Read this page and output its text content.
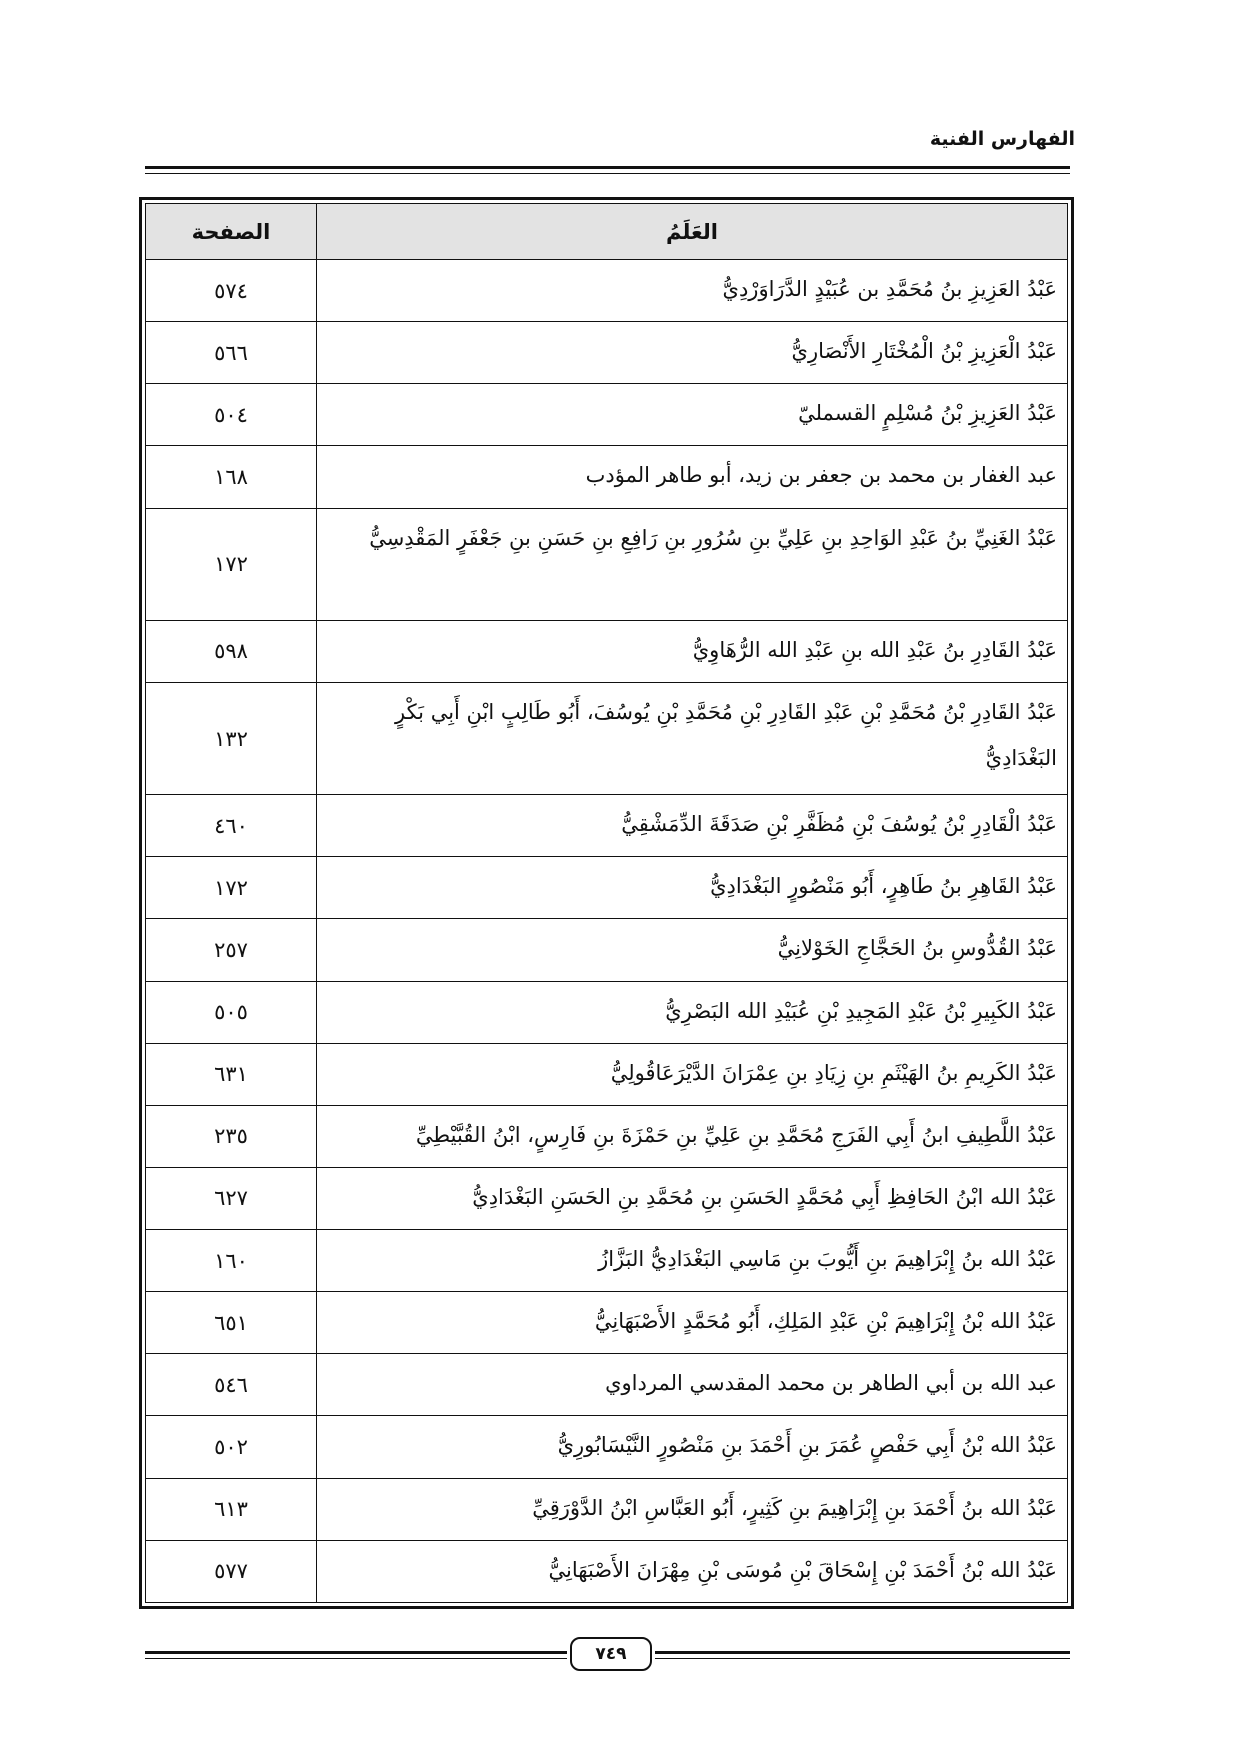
الفهارس الفنية
العَلَمُ	الصفحة
عَبْدُ العَزِيزِ بنُ مُحَمَّدِ بن عُبَيْدٍ الدَّرَاوَرْدِيُّ	٥٧٤
عَبْدُ الْعَزِيزِ بْنُ الْمُخْتَارِ الأَنْصَارِيُّ	٥٦٦
عَبْدُ العَزِيزِ بْنُ مُسْلِمٍ القسمليّ	٥٠٤
عبد الغفار بن محمد بن جعفر بن زيد، أبو طاهر المؤدب	١٦٨
عَبْدُ الغَنِيِّ بنُ عَبْدِ الوَاحِدِ بنِ عَلِيِّ بنِ سُرُورِ بنِ رَافِعِ بنِ حَسَنِ بنِ جَعْفَرٍ المَقْدِسِيُّ	١٧٢
عَبْدُ القَادِرِ بنُ عَبْدِ الله بنِ عَبْدِ الله الرُّهَاوِيُّ	٥٩٨
عَبْدُ القَادِرِ بْنُ مُحَمَّدِ بْنِ عَبْدِ القَادِرِ بْنِ مُحَمَّدِ بْنِ يُوسُفَ، أَبُو طَالِبٍ ابْنِ أَبِي بَكْرٍ البَغْدَادِيُّ	١٣٢
عَبْدُ الْقَادِرِ بْنُ يُوسُفَ بْنِ مُظَفَّرِ بْنِ صَدَقَةَ الدِّمَشْقِيُّ	٤٦٠
عَبْدُ القَاهِرِ بنُ طَاهِرٍ، أَبُو مَنْصُورٍ البَغْدَادِيُّ	١٧٢
عَبْدُ القُدُّوسِ بنُ الحَجَّاجِ الخَوْلانِيُّ	٢٥٧
عَبْدُ الكَبِيرِ بْنُ عَبْدِ المَجِيدِ بْنِ عُبَيْدِ الله البَصْرِيُّ	٥٠٥
عَبْدُ الكَرِيمِ بنُ الهَيْثَمِ بنِ زِيَادِ بنِ عِمْرَانَ الدَّيْرَعَاقُولِيُّ	٦٣١
عَبْدُ اللَّطِيفِ ابنُ أَبِي الفَرَجِ مُحَمَّدِ بنِ عَلِيِّ بنِ حَمْزَةَ بنِ فَارِسٍ، ابْنُ القُبَّيْطِيِّ	٢٣٥
عَبْدُ الله ابْنُ الحَافِظِ أَبِي مُحَمَّدٍ الحَسَنِ بنِ مُحَمَّدِ بنِ الحَسَنِ البَغْدَادِيُّ	٦٢٧
عَبْدُ الله بنُ إِبْرَاهِيمَ بنِ أَيُّوبَ بنِ مَاسِي البَغْدَادِيُّ البَزَّازُ	١٦٠
عَبْدُ الله بْنُ إِبْرَاهِيمَ بْنِ عَبْدِ المَلِكِ، أَبُو مُحَمَّدٍ الأَصْبَهَانِيُّ	٦٥١
عبد الله بن أبي الطاهر بن محمد المقدسي المرداوي	٥٤٦
عَبْدُ الله بْنُ أَبِي حَفْصٍ عُمَرَ بنِ أَحْمَدَ بنِ مَنْصُورٍ النَّيْسَابُورِيُّ	٥٠٢
عَبْدُ الله بنُ أَحْمَدَ بنِ إِبْرَاهِيمَ بنِ كَثِيرٍ، أَبُو العَبَّاسِ ابْنُ الدَّوْرَقِيِّ	٦١٣
عَبْدُ الله بْنُ أَحْمَدَ بْنِ إِسْحَاقَ بْنِ مُوسَى بْنِ مِهْرَانَ الأَصْبَهَانِيُّ	٥٧٧
٧٤٩
